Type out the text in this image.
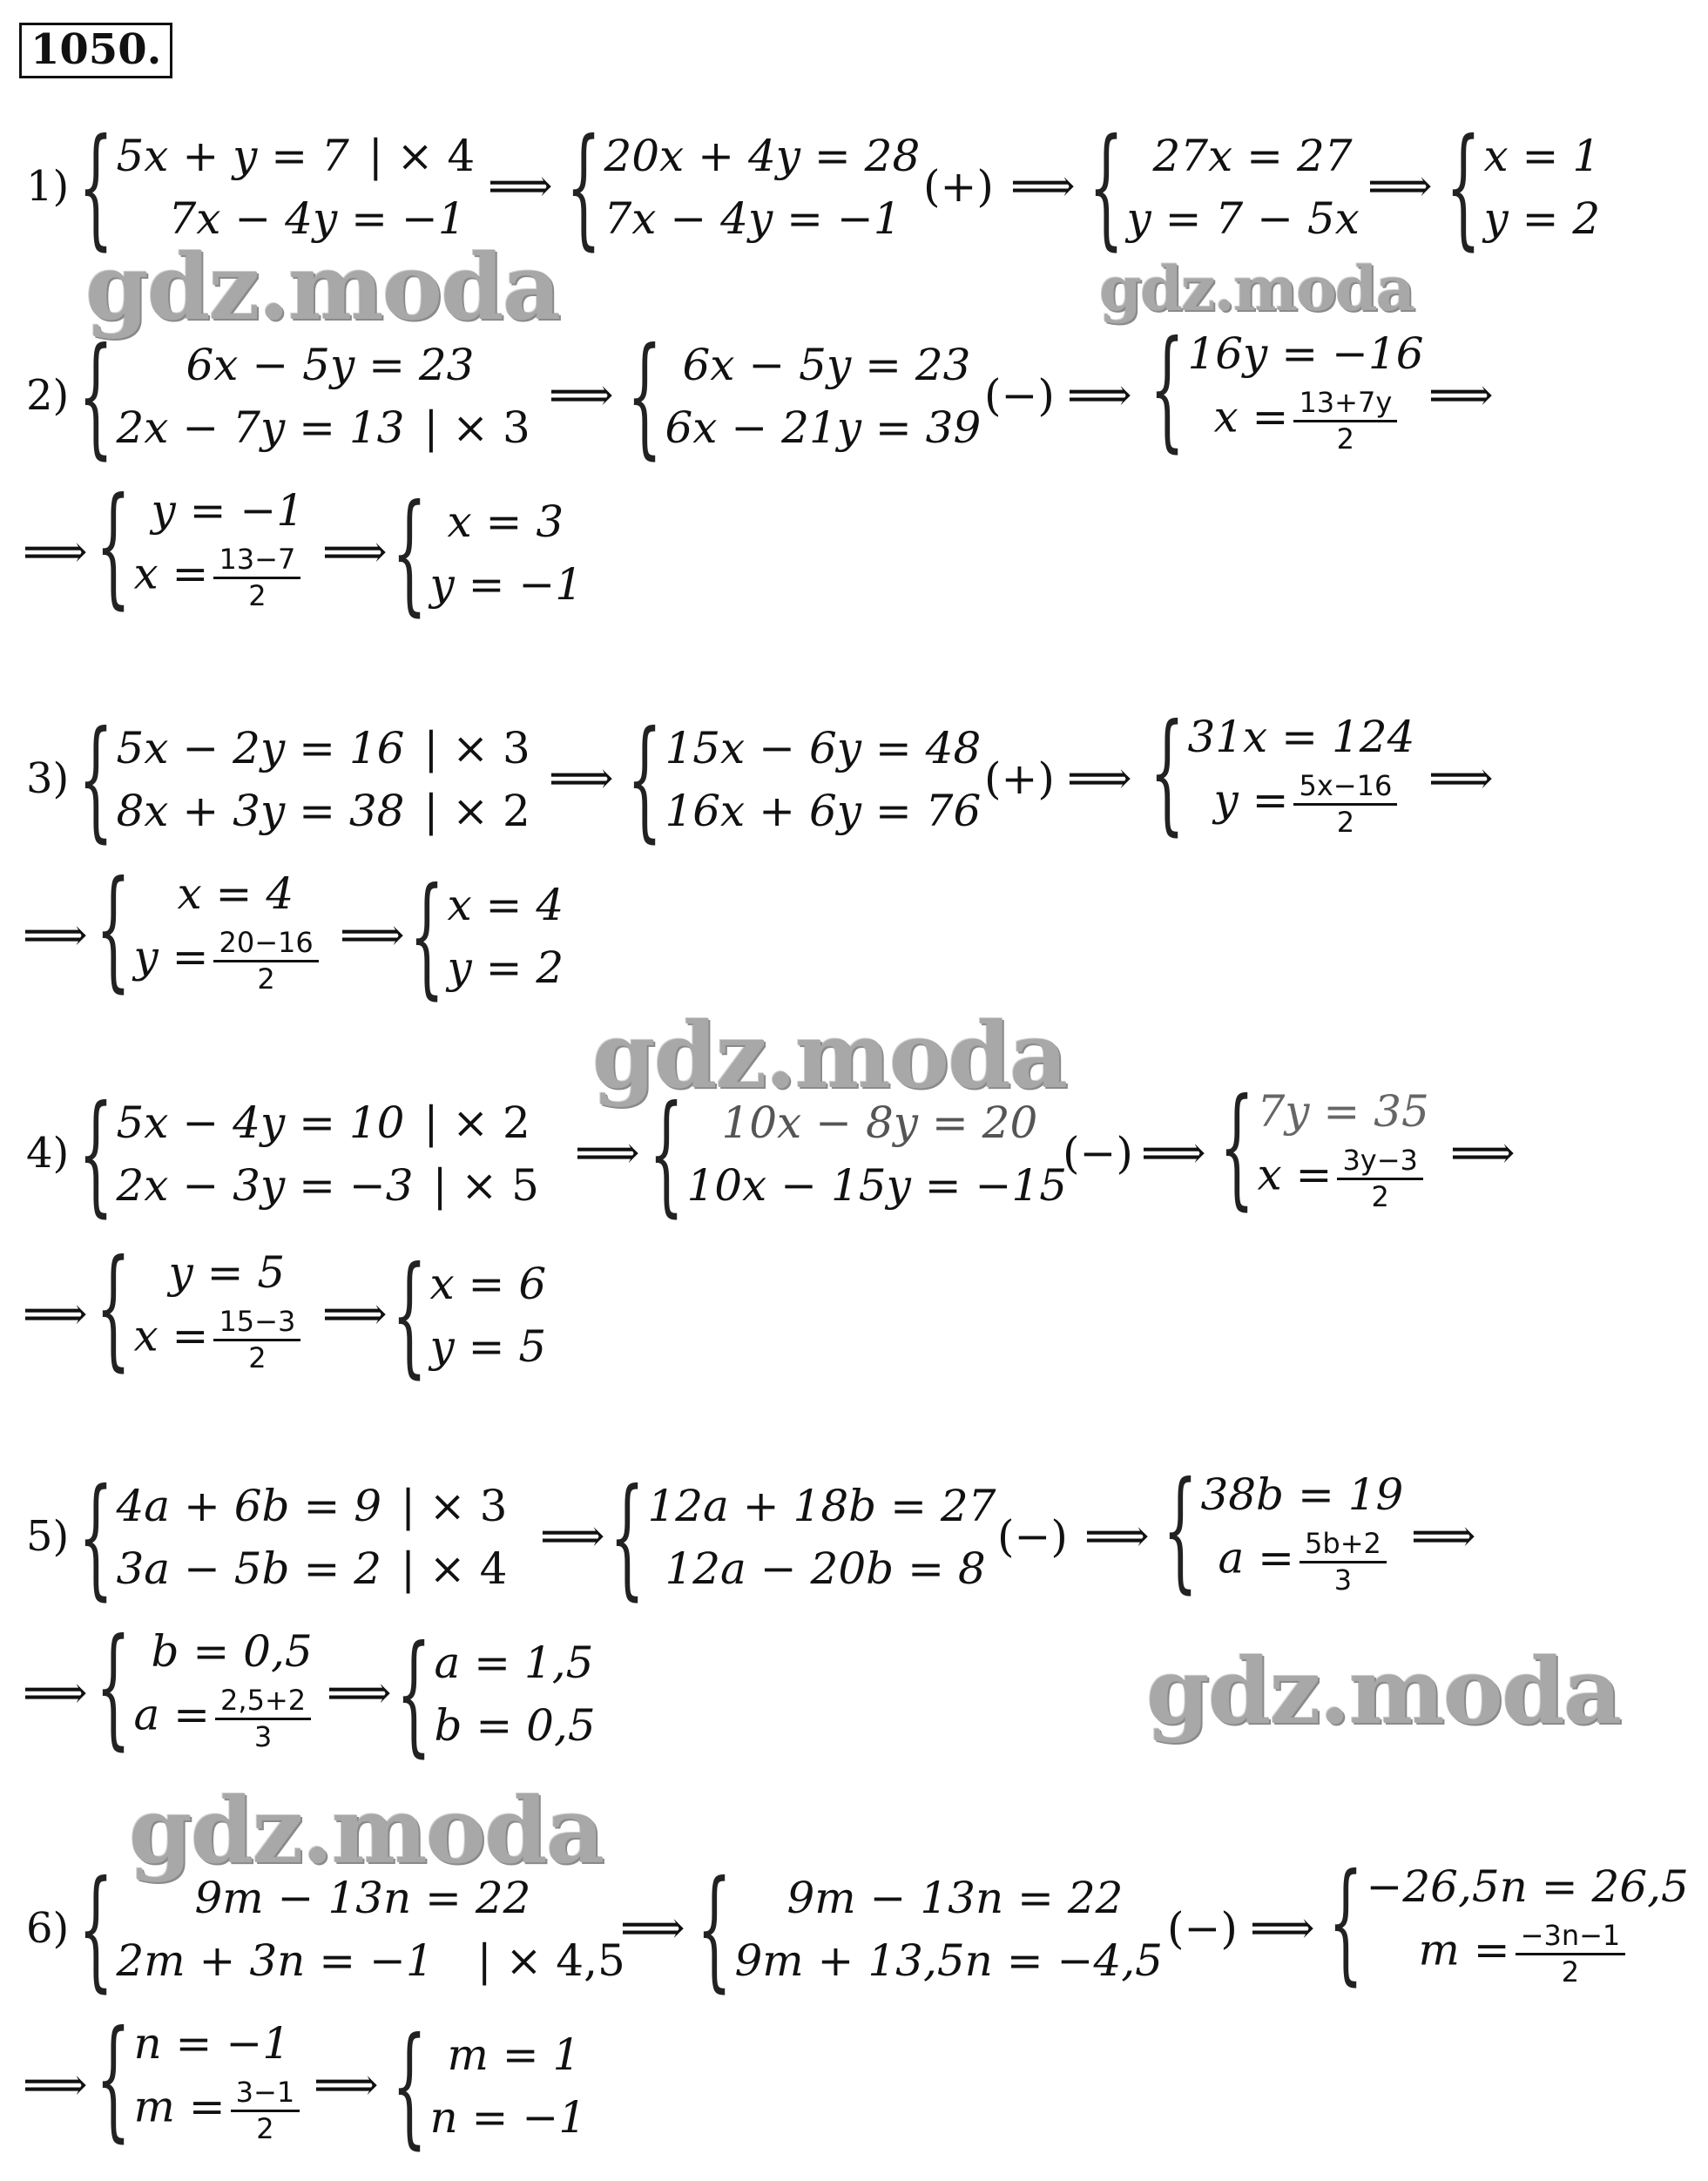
1050.
gdz.moda	gdz.moda
gdz.moda
gdz.moda
gdz.moda
1) { 5x + y = 7 | × 4
7x − 4y = −1
⟹ { 20x + 4y = 28
7x − 4y = −1
(+) ⟹ { 27x = 27
y = 7 − 5x
⟹ { x = 1
y = 2
2) {	6x − 5y = 23
2x − 7y = 13 | × 3
⟹ { 6x − 5y = 23
6x − 21y = 39
(−) ⟹ { 16y = −16
$x = \frac{13+7y}{2}$ ⟹
⟹ { y = −1
$x = \frac{13-7}{2}$ ⟹ { x = 3
y = −1
3) { 5x − 2y = 16 | × 3
8x + 3y = 38 | × 2
⟹ { 15x − 6y = 48
16x + 6y = 76
(+) ⟹ { 31x = 124
$y = \frac{5x-16}{2}$ ⟹
⟹ {	x = 4
$y = \frac{20-16}{2}$ ⟹ { x = 4
y = 2
4) { 5x − 4y = 10 | × 2
2x − 3y = −3 | × 5
⟹ { 10x − 8y = 20
10x − 15y = −15
(−) ⟹ { 7y = 35
$x = \frac{3y-3}{2}$ ⟹
⟹ { y = 5
$x = \frac{15-3}{2}$ ⟹ { x = 6
y = 5
5) { 4a + 6b = 9 | × 3
3a − 5b = 2 | × 4
⟹ { 12a + 18b = 27
12a − 20b = 8
(−) ⟹ { 38b = 19
$a = \frac{5b+2}{3}$ ⟹
⟹ { b = 0,5
$a = \frac{2,5+2}{3}$ ⟹ { a = 1,5
b = 0,5
6) {	9m − 13n = 22
2m + 3n = −1 | × 4,5
⟹ {	9m − 13n = 22
9m + 13,5n = −4,5
(−) ⟹ { −26,5n = 26,5
$m = \frac{-3n-1}{2}$
⟹ { n = −1
$m = \frac{3-1}{2}$ ⟹ { m = 1
n = −1
